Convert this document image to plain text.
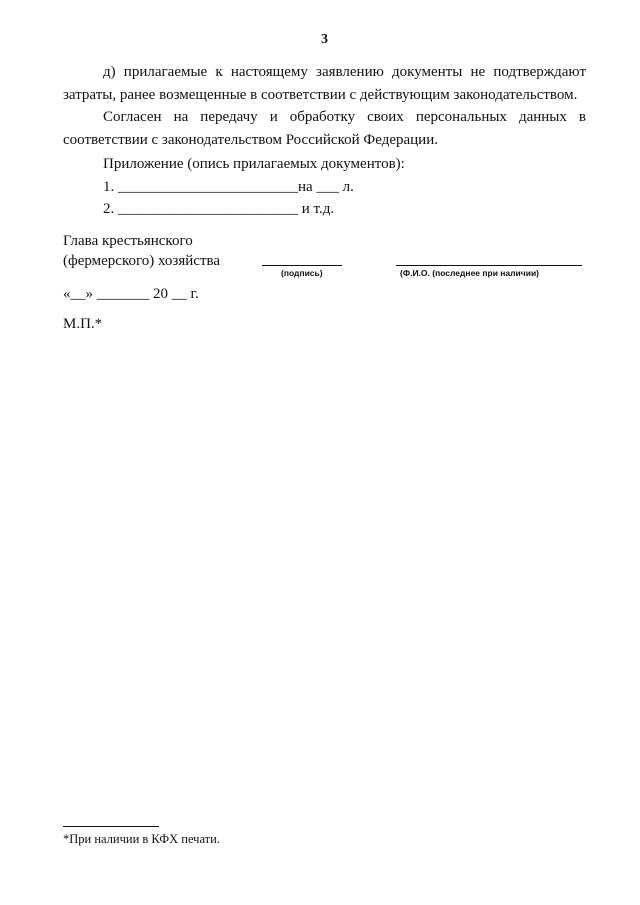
3

д) прилагаемые к настоящему заявлению документы не подтверждают затраты, ранее возмещенные в соответствии с действующим законодательством.

Согласен на передачу и обработку своих персональных данных в соответствии с законодательством Российской Федерации.

Приложение (опись прилагаемых документов):
1. ________________________на ___ л.
2. ________________________ и т.д.
Глава крестьянского
(фермерского) хозяйства
(подпись)	(Ф.И.О. (последнее при наличии)
«__» _______ 20 __ г.
М.П.*
*При наличии в КФХ печати.
